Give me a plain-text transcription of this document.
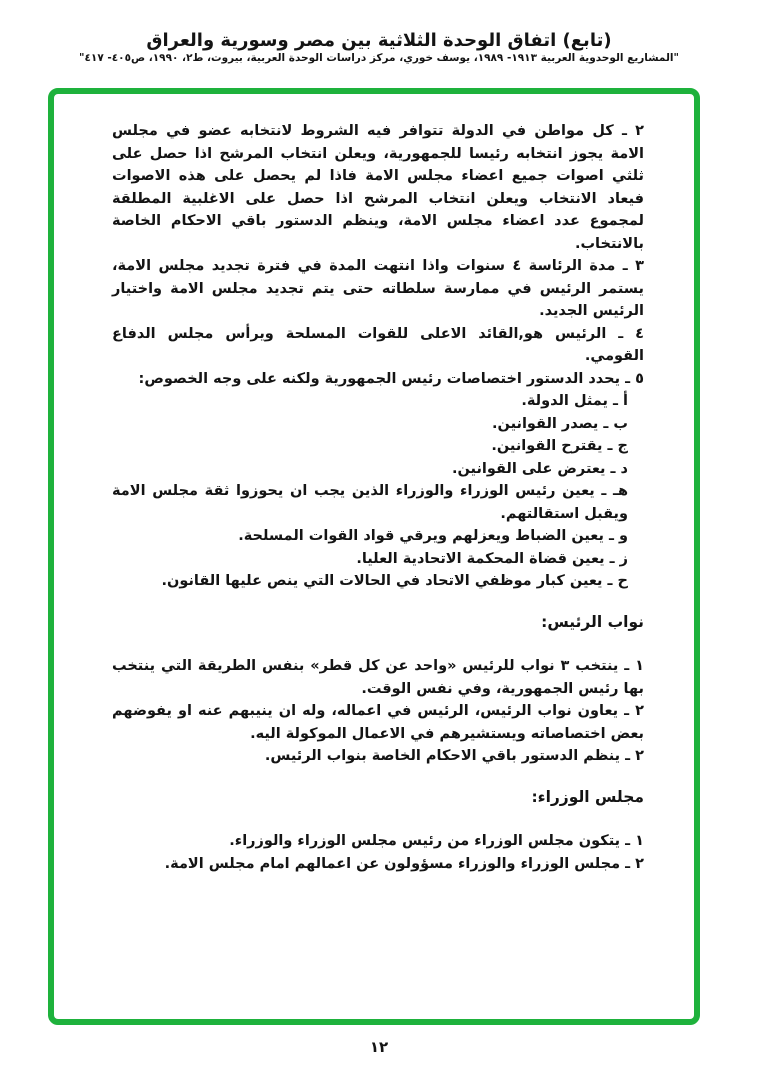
(تابع) اتفاق الوحدة الثلاثية بين مصر وسورية والعراق
"المشاريع الوحدوية العربية ١٩١٣- ١٩٨٩، يوسف خوري، مركز دراسات الوحدة العربية، بيروت، ط٢، ١٩٩٠، ص٤٠٥- ٤١٧"

٢ ـ كل مواطن في الدولة تتوافر فيه الشروط لانتخابه عضو في مجلس الامة يجوز انتخابه رئيسا للجمهورية، ويعلن انتخاب المرشح اذا حصل على ثلثي اصوات جميع اعضاء مجلس الامة فاذا لم يحصل على هذه الاصوات فيعاد الانتخاب ويعلن انتخاب المرشح اذا حصل على الاغلبية المطلقة لمجموع عدد اعضاء مجلس الامة، وينظم الدستور باقي الاحكام الخاصة بالانتخاب.

٣ ـ مدة الرئاسة ٤ سنوات واذا انتهت المدة في فترة تجديد مجلس الامة، يستمر الرئيس في ممارسة سلطاته حتى يتم تجديد مجلس الامة واختيار الرئيس الجديد.

٤ ـ الرئيس هو,القائد الاعلى للقوات المسلحة ويرأس مجلس الدفاع القومي.

٥ ـ يحدد الدستور اختصاصات رئيس الجمهورية ولكنه على وجه الخصوص:

أ ـ يمثل الدولة.

ب ـ يصدر القوانين.

ج ـ يقترح القوانين.

د ـ يعترض على القوانين.

هـ ـ يعين رئيس الوزراء والوزراء الذين يجب ان يحوزوا ثقة مجلس الامة ويقبل استقالتهم.

و ـ يعين الضباط ويعزلهم ويرقي قواد القوات المسلحة.

ز ـ يعين قضاة المحكمة الاتحادية العليا.

ح ـ يعين كبار موظفي الاتحاد في الحالات التي ينص عليها القانون.

نواب الرئيس:

١ ـ ينتخب ٣ نواب للرئيس «واحد عن كل قطر» بنفس الطريقة التي ينتخب بها رئيس الجمهورية، وفي نفس الوقت.

٢ ـ يعاون نواب الرئيس، الرئيس في اعماله، وله ان ينيبهم عنه او يفوضهم بعض اختصاصاته ويستشيرهم في الاعمال الموكولة اليه.

٢ ـ ينظم الدستور باقي الاحكام الخاصة بنواب الرئيس.

مجلس الوزراء:

١ ـ يتكون مجلس الوزراء من رئيس مجلس الوزراء والوزراء.

٢ ـ مجلس الوزراء والوزراء مسؤولون عن اعمالهم امام مجلس الامة.

١٢
